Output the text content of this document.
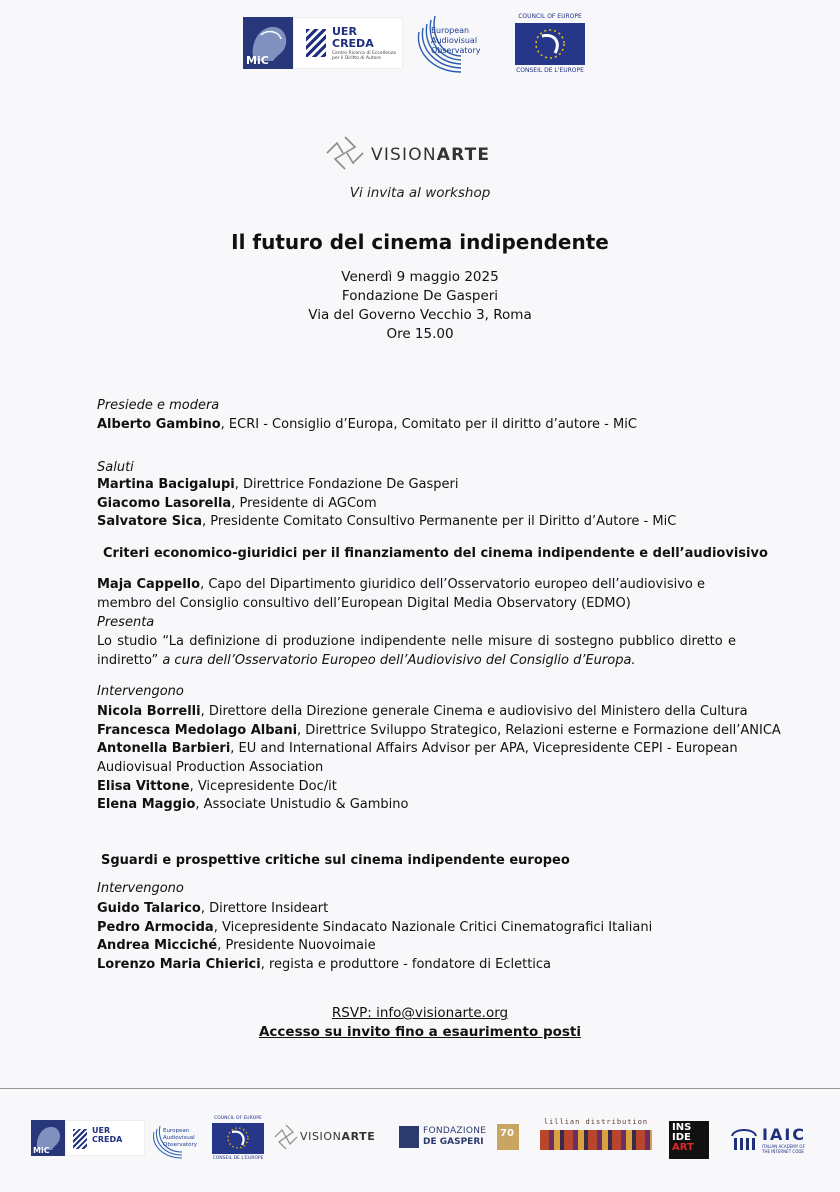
MiC
UER
CREDA
Centro Ricerca di Eccellenza per il Diritto di Autore
European
Audiovisual
Observatory
COUNCIL OF EUROPE
CONSEIL DE L'EUROPE
VISIONARTE
Vi invita al workshop
Il futuro del cinema indipendente
Venerdì 9 maggio 2025
Fondazione De Gasperi
Via del Governo Vecchio 3, Roma
Ore 15.00
Presiede e modera
Alberto Gambino, ECRI - Consiglio d’Europa, Comitato per il diritto d’autore - MiC
Saluti
Martina Bacigalupi, Direttrice Fondazione De Gasperi
Giacomo Lasorella, Presidente di AGCom
Salvatore Sica, Presidente Comitato Consultivo Permanente per il Diritto d’Autore - MiC
Criteri economico-giuridici per il finanziamento del cinema indipendente e dell’audiovisivo
Maja Cappello, Capo del Dipartimento giuridico dell’Osservatorio europeo dell’audiovisivo e
membro del Consiglio consultivo dell’European Digital Media Observatory (EDMO)
Presenta
Lo studio “La definizione di produzione indipendente nelle misure di sostegno pubblico diretto e
indiretto” a cura dell’Osservatorio Europeo dell’Audiovisivo del Consiglio d’Europa.
Intervengono
Nicola Borrelli, Direttore della Direzione generale Cinema e audiovisivo del Ministero della Cultura
Francesca Medolago Albani, Direttrice Sviluppo Strategico, Relazioni esterne e Formazione dell’ANICA
Antonella Barbieri, EU and International Affairs Advisor per APA, Vicepresidente CEPI - European
Audiovisual Production Association
Elisa Vittone, Vicepresidente Doc/it
Elena Maggio, Associate Unistudio & Gambino
Sguardi e prospettive critiche sul cinema indipendente europeo
Intervengono
Guido Talarico, Direttore Insideart
Pedro Armocida, Vicepresidente Sindacato Nazionale Critici Cinematografici Italiani
Andrea Micciché, Presidente Nuovoimaie
Lorenzo Maria Chierici, regista e produttore - fondatore di Eclettica
RSVP: info@visionarte.org
Accesso su invito fino a esaurimento posti
MiC
UER
CREDA
European
Audiovisual
Observatory
COUNCIL OF EUROPE
CONSEIL DE L'EUROPE
VISIONARTE	FONDAZIONE
DE GASPERI
70
lillian distribution	INS
IDE
ART
IAIC
ITALIAN ACADEMY OF
THE INTERNET CODE
